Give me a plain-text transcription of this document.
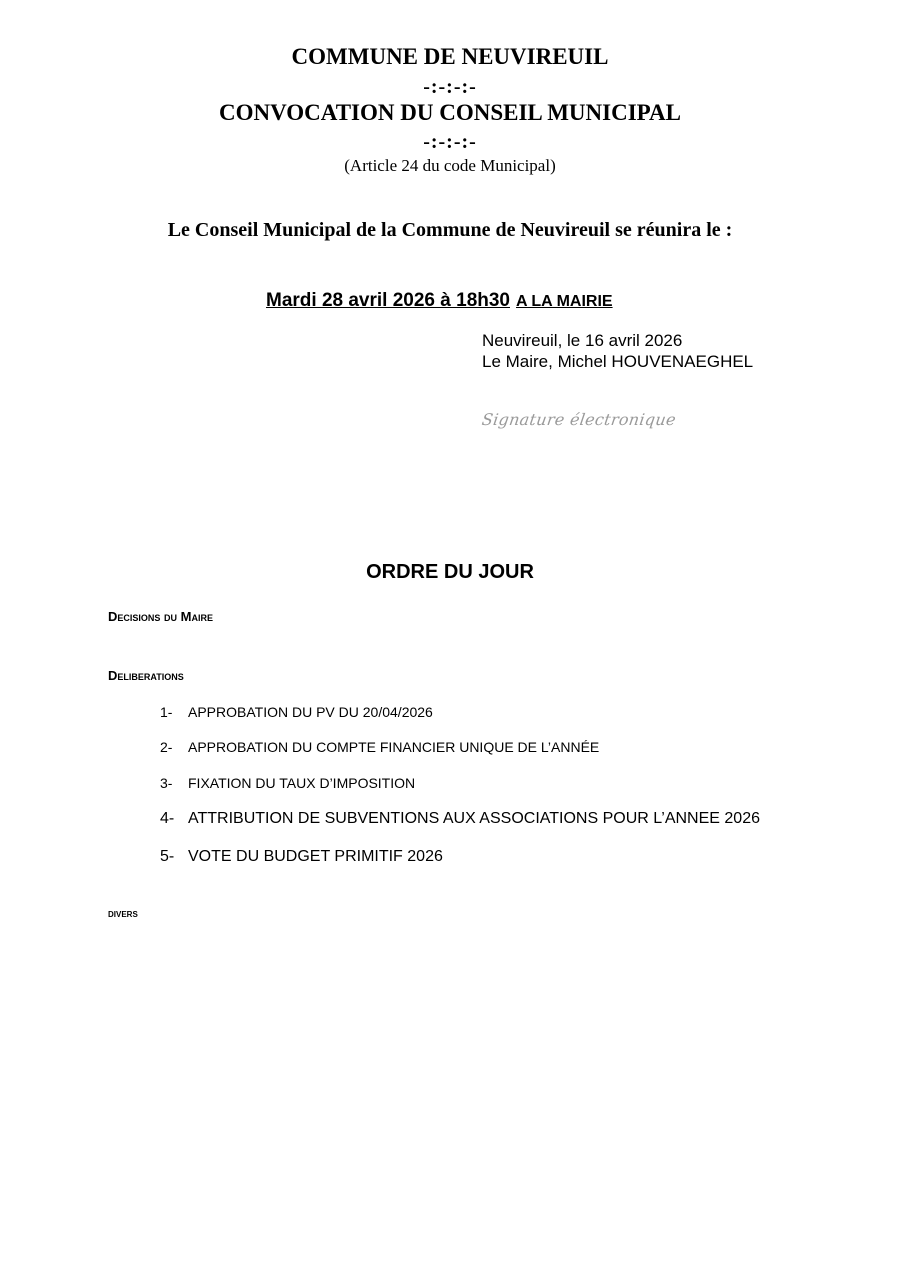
COMMUNE DE NEUVIREUIL
-:-:-:-
CONVOCATION DU CONSEIL MUNICIPAL
-:-:-:-
(Article 24 du code Municipal)
Le Conseil Municipal de la Commune de Neuvireuil se réunira le :
Mardi 28 avril 2026 à 18h30 A LA MAIRIE
Neuvireuil, le 16 avril 2026
Le Maire, Michel HOUVENAEGHEL
Signature électronique
ORDRE DU JOUR
Decisions du Maire
Deliberations
1- APPROBATION DU PV DU 20/04/2026
2- APPROBATION DU COMPTE FINANCIER UNIQUE DE L’ANNÉE
3- FIXATION DU TAUX D’IMPOSITION
4- ATTRIBUTION DE SUBVENTIONS AUX ASSOCIATIONS POUR L’ANNEE 2026
5- VOTE DU BUDGET PRIMITIF 2026
divers
